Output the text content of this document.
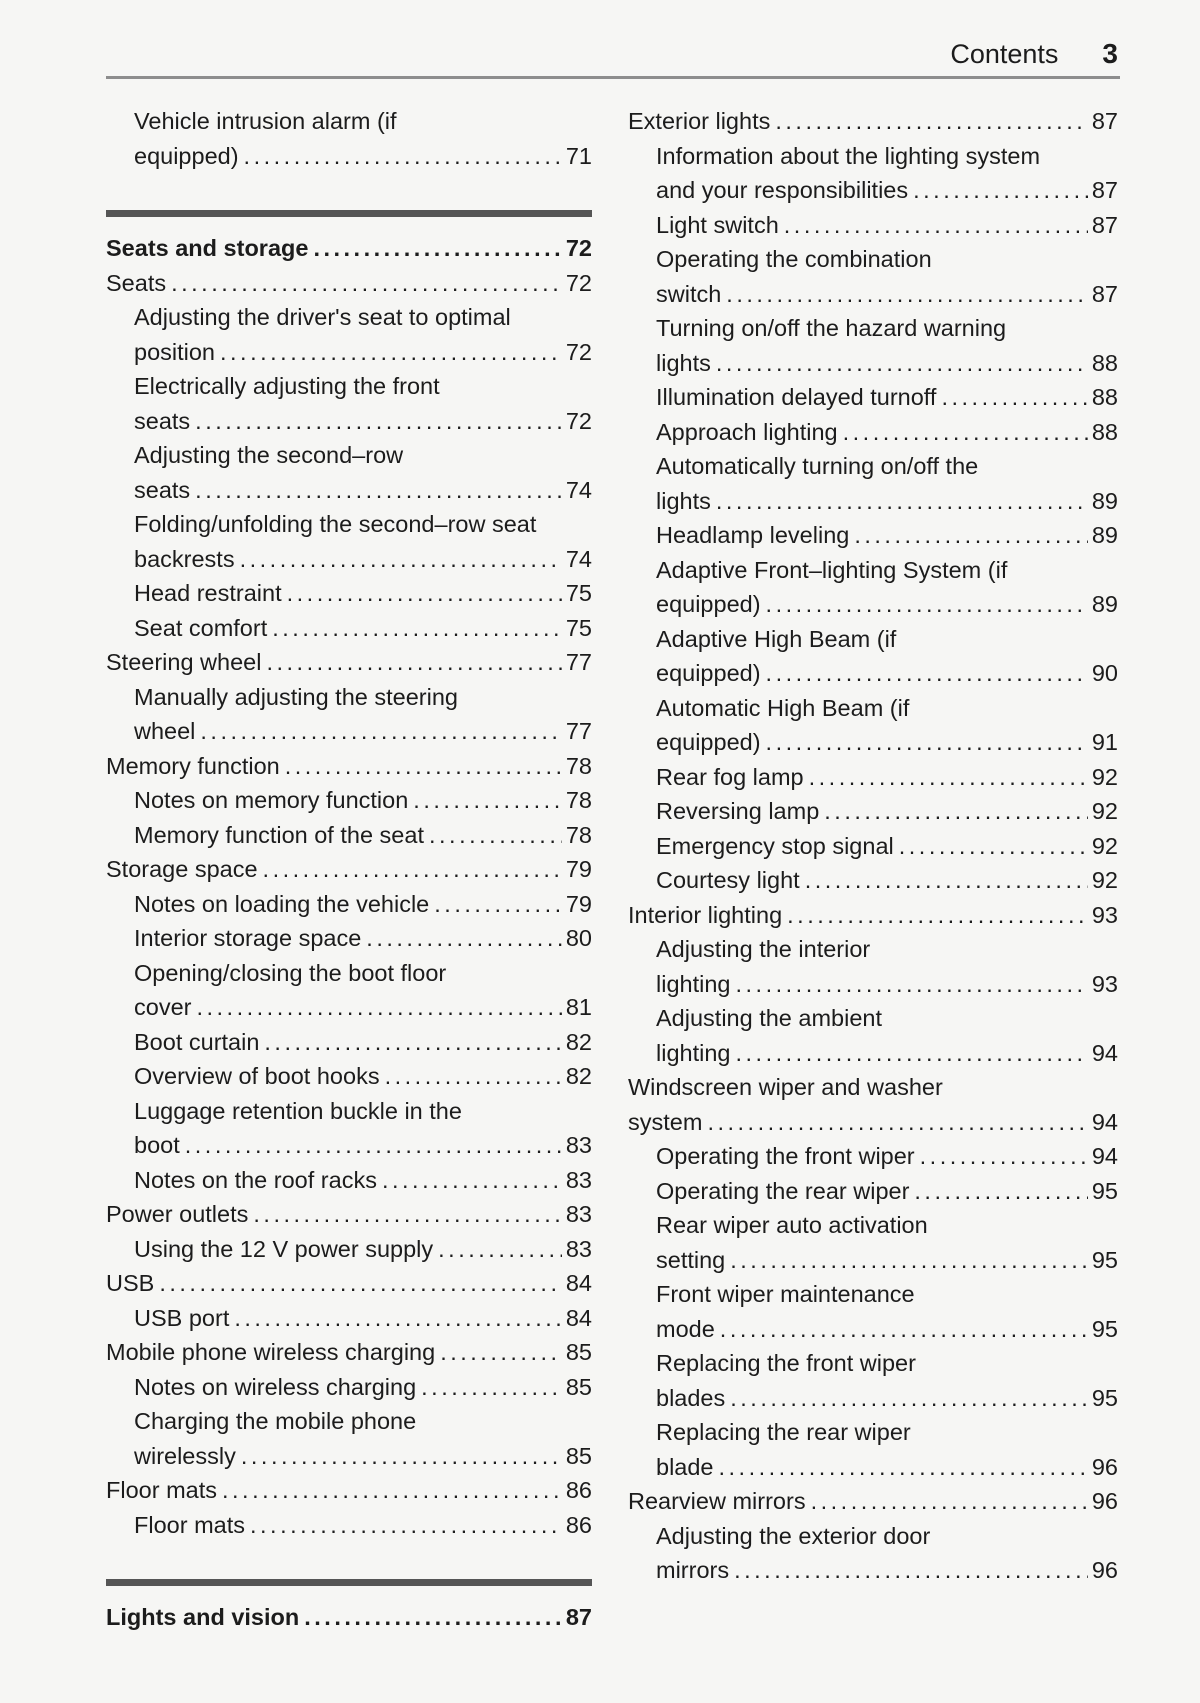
Contents 3
Vehicle intrusion alarm (if
equipped) .....	71
Seats and storage .....	72
Seats .....	72
Adjusting the driver's seat to optimal
position .....	72
Electrically adjusting the front
seats .....	72
Adjusting the second–row
seats .....	74
Folding/unfolding the second–row seat
backrests .....	74
Head restraint .....	75
Seat comfort .....	75
Steering wheel .....	77
Manually adjusting the steering
wheel .....	77
Memory function .....	78
Notes on memory function .....	78
Memory function of the seat .....	78
Storage space .....	79
Notes on loading the vehicle .....	79
Interior storage space .....	80
Opening/closing the boot floor
cover .....	81
Boot curtain .....	82
Overview of boot hooks .....	82
Luggage retention buckle in the
boot .....	83
Notes on the roof racks .....	83
Power outlets .....	83
Using the 12 V power supply .....	83
USB .....	84
USB port .....	84
Mobile phone wireless charging .....	85
Notes on wireless charging .....	85
Charging the mobile phone
wirelessly .....	85
Floor mats .....	86
Floor mats .....	86
Lights and vision .....	87
Exterior lights .....	87
Information about the lighting system
and your responsibilities .....	87
Light switch .....	87
Operating the combination
switch .....	87
Turning on/off the hazard warning
lights .....	88
Illumination delayed turnoff .....	88
Approach lighting .....	88
Automatically turning on/off the
lights .....	89
Headlamp leveling .....	89
Adaptive Front–lighting System (if
equipped) .....	89
Adaptive High Beam (if
equipped) .....	90
Automatic High Beam (if
equipped) .....	91
Rear fog lamp .....	92
Reversing lamp .....	92
Emergency stop signal .....	92
Courtesy light .....	92
Interior lighting .....	93
Adjusting the interior
lighting .....	93
Adjusting the ambient
lighting .....	94
Windscreen wiper and washer
system .....	94
Operating the front wiper .....	94
Operating the rear wiper .....	95
Rear wiper auto activation
setting .....	95
Front wiper maintenance
mode .....	95
Replacing the front wiper
blades .....	95
Replacing the rear wiper
blade .....	96
Rearview mirrors .....	96
Adjusting the exterior door
mirrors .....	96
